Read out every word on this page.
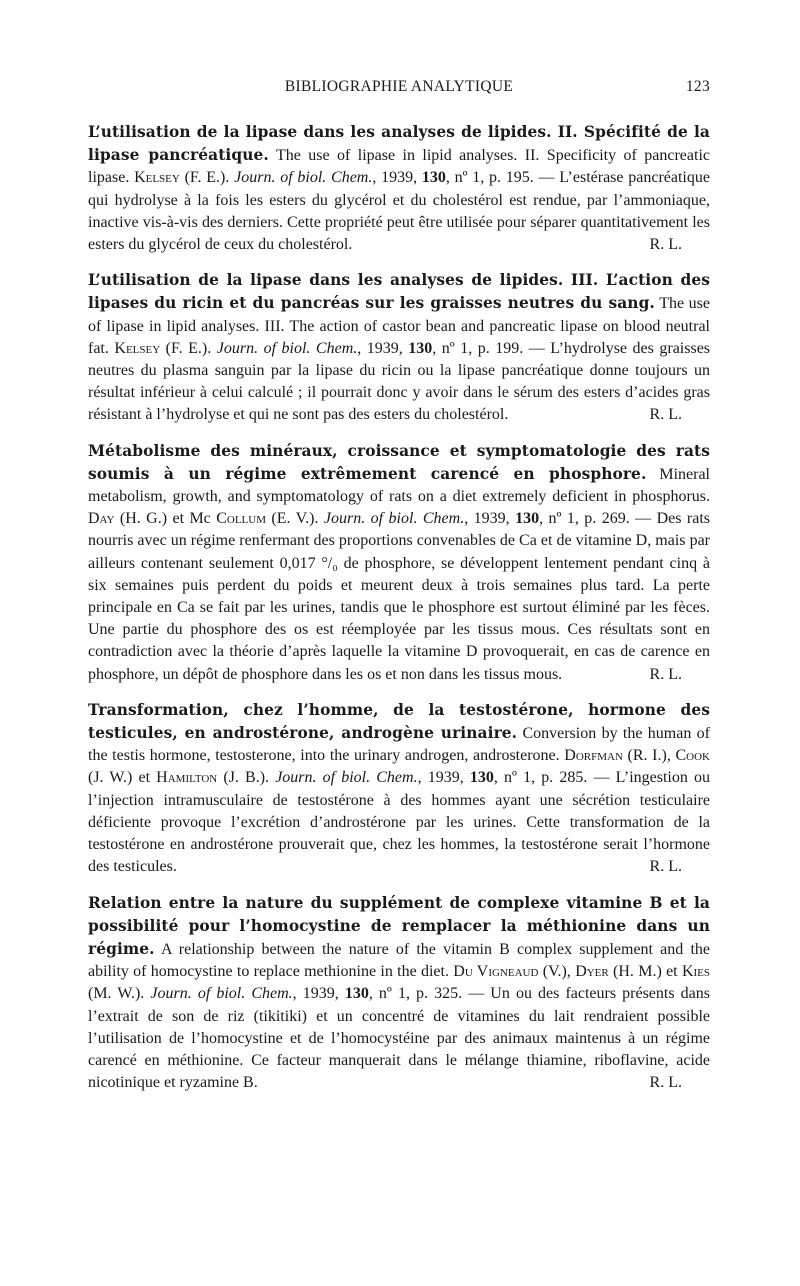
BIBLIOGRAPHIE ANALYTIQUE	123
L’utilisation de la lipase dans les analyses de lipides. II. Spécifité de la lipase pancréatique. The use of lipase in lipid analyses. II. Specificity of pancreatic lipase. Kelsey (F. E.). Journ. of biol. Chem., 1939, 130, nº 1, p. 195. — L’estérase pancréatique qui hydrolyse à la fois les esters du glycérol et du cholestérol est rendue, par l’ammoniaque, inactive vis-à-vis des derniers. Cette propriété peut être utilisée pour séparer quantitativement les esters du glycérol de ceux du cholestérol.	R. L.
L’utilisation de la lipase dans les analyses de lipides. III. L’action des lipases du ricin et du pancréas sur les graisses neutres du sang. The use of lipase in lipid analyses. III. The action of castor bean and pancreatic lipase on blood neutral fat. Kelsey (F. E.). Journ. of biol. Chem., 1939, 130, nº 1, p. 199. — L’hydrolyse des graisses neutres du plasma sanguin par la lipase du ricin ou la lipase pancréatique donne toujours un résultat inférieur à celui calculé ; il pourrait donc y avoir dans le sérum des esters d’acides gras résistant à l’hydrolyse et qui ne sont pas des esters du cholestérol.	R. L.
Métabolisme des minéraux, croissance et symptomatologie des rats soumis à un régime extrêmement carencé en phosphore. Mineral metabolism, growth, and symptomatology of rats on a diet extremely deficient in phosphorus. Day (H. G.) et Mc Collum (E. V.). Journ. of biol. Chem., 1939, 130, nº 1, p. 269. — Des rats nourris avec un régime renfermant des proportions convenables de Ca et de vitamine D, mais par ailleurs contenant seulement 0,017 °/₀ de phosphore, se développent lentement pendant cinq à six semaines puis perdent du poids et meurent deux à trois semaines plus tard. La perte principale en Ca se fait par les urines, tandis que le phosphore est surtout éliminé par les fèces. Une partie du phosphore des os est réemployée par les tissus mous. Ces résultats sont en contradiction avec la théorie d’après laquelle la vitamine D provoquerait, en cas de carence en phosphore, un dépôt de phosphore dans les os et non dans les tissus mous.	R. L.
Transformation, chez l’homme, de la testostérone, hormone des testicules, en androstérone, androgène urinaire. Conversion by the human of the testis hormone, testosterone, into the urinary androgen, androsterone. Dorfman (R. I.), Cook (J. W.) et Hamilton (J. B.). Journ. of biol. Chem., 1939, 130, nº 1, p. 285. — L’ingestion ou l’injection intramusculaire de testostérone à des hommes ayant une sécrétion testiculaire déficiente provoque l’excrétion d’androstérone par les urines. Cette transformation de la testostérone en androstérone prouverait que, chez les hommes, la testostérone serait l’hormone des testicules.	R. L.
Relation entre la nature du supplément de complexe vitamine B et la possibilité pour l’homocystine de remplacer la méthionine dans un régime. A relationship between the nature of the vitamin B complex supplement and the ability of homocystine to replace methionine in the diet. Du Vigneaud (V.), Dyer (H. M.) et Kies (M. W.). Journ. of biol. Chem., 1939, 130, nº 1, p. 325. — Un ou des facteurs présents dans l’extrait de son de riz (tikitiki) et un concentré de vitamines du lait rendraient possible l’utilisation de l’homocystine et de l’homocystéine par des animaux maintenus à un régime carencé en méthionine. Ce facteur manquerait dans le mélange thiamine, riboflavine, acide nicotinique et ryzamine B.	R. L.
